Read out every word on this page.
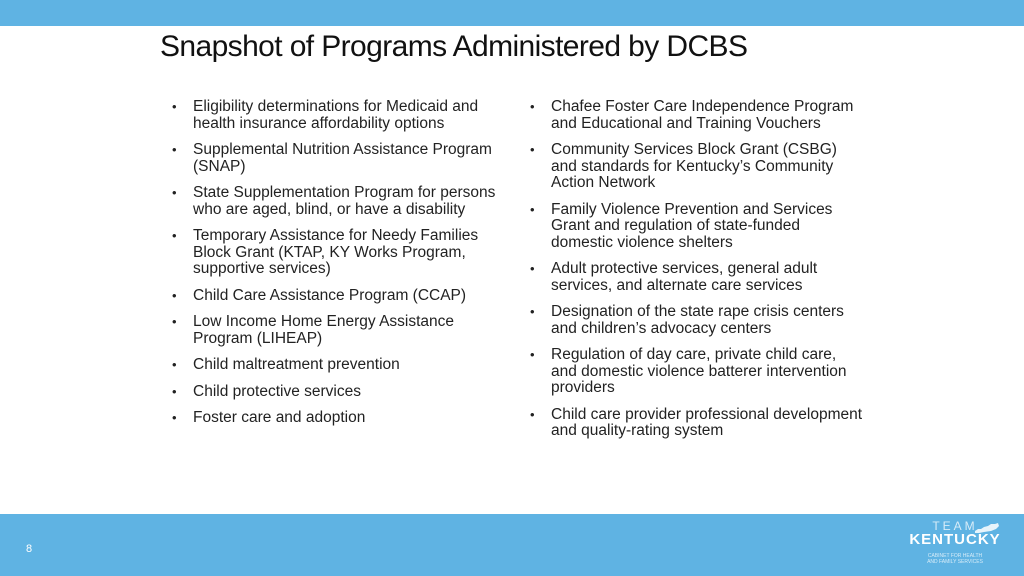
Snapshot of Programs Administered by DCBS
• Eligibility determinations for Medicaid and health insurance affordability options
• Supplemental Nutrition Assistance Program (SNAP)
• State Supplementation Program for persons who are aged, blind, or have a disability
• Temporary Assistance for Needy Families Block Grant (KTAP, KY Works Program, supportive services)
• Child Care Assistance Program (CCAP)
• Low Income Home Energy Assistance Program (LIHEAP)
• Child maltreatment prevention
• Child protective services
• Foster care and adoption
• Chafee Foster Care Independence Program and Educational and Training Vouchers
• Community Services Block Grant (CSBG) and standards for Kentucky’s Community Action Network
• Family Violence Prevention and Services Grant and regulation of state-funded domestic violence shelters
• Adult protective services, general adult services, and alternate care services
• Designation of the state rape crisis centers and children’s advocacy centers
• Regulation of day care, private child care, and domestic violence batterer intervention providers
• Child care provider professional development and quality-rating system
8
TEAM
KENTUCKY
CABINET FOR HEALTH
AND FAMILY SERVICES
